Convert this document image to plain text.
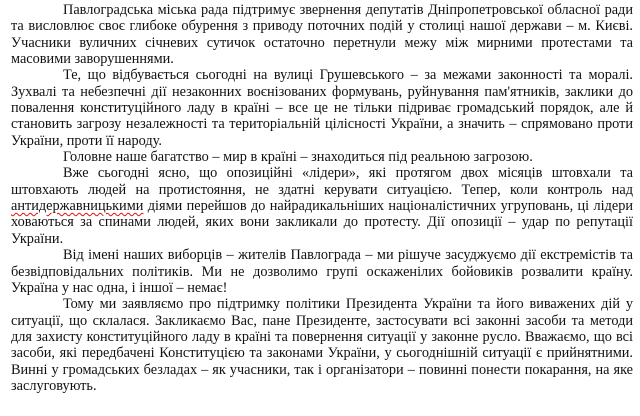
Павлоградська міська рада підтримує звернення депутатів Дніпропетровської обласної ради та висловлює своє глибоке обурення з приводу поточних подій у столиці нашої держави – м. Києві. Учасники вуличних січневих сутичок остаточно перетнули межу між мирними протестами та масовими заворушеннями.

Те, що відбувається сьогодні на вулиці Грушевського – за межами законності та моралі. Зухвалі та небезпечні дії незаконних воєнізованих формувань, руйнування пам'ятників, заклики до повалення конституційного ладу в країні – все це не тільки підриває громадський порядок, але й становить загрозу незалежності та територіальній цілісності України, а значить – спрямовано проти України, проти її народу.

Головне наше багатство – мир в країні – знаходиться під реальною загрозою.

Вже сьогодні ясно, що опозиційні «лідери», які протягом двох місяців штовхали та штовхають людей на протистояння, не здатні керувати ситуацією. Тепер, коли контроль над антидержавницькими діями перейшов до найрадикальніших націоналістичних угруповань, ці лідери ховаються за спинами людей, яких вони закликали до протесту. Дії опозиції – удар по репутації України.

Від імені наших виборців – жителів Павлограда – ми рішуче засуджуємо дії екстремістів та безвідповідальних політиків. Ми не дозволимо групі оскаженілих бойовиків розвалити країну. Україна у нас одна, і іншої – немає!

Тому ми заявляємо про підтримку політики Президента України та його виважених дій у ситуації, що склалася. Закликаємо Вас, пане Президенте, застосувати всі законні засоби та методи для захисту конституційного ладу в країні та повернення ситуації у законне русло. Вважаємо, що всі засоби, які передбачені Конституцією та законами України, у сьогоднішній ситуації є прийнятними. Винні у громадських безладах – як учасники, так і організатори – повинні понести покарання, на яке заслуговують.
